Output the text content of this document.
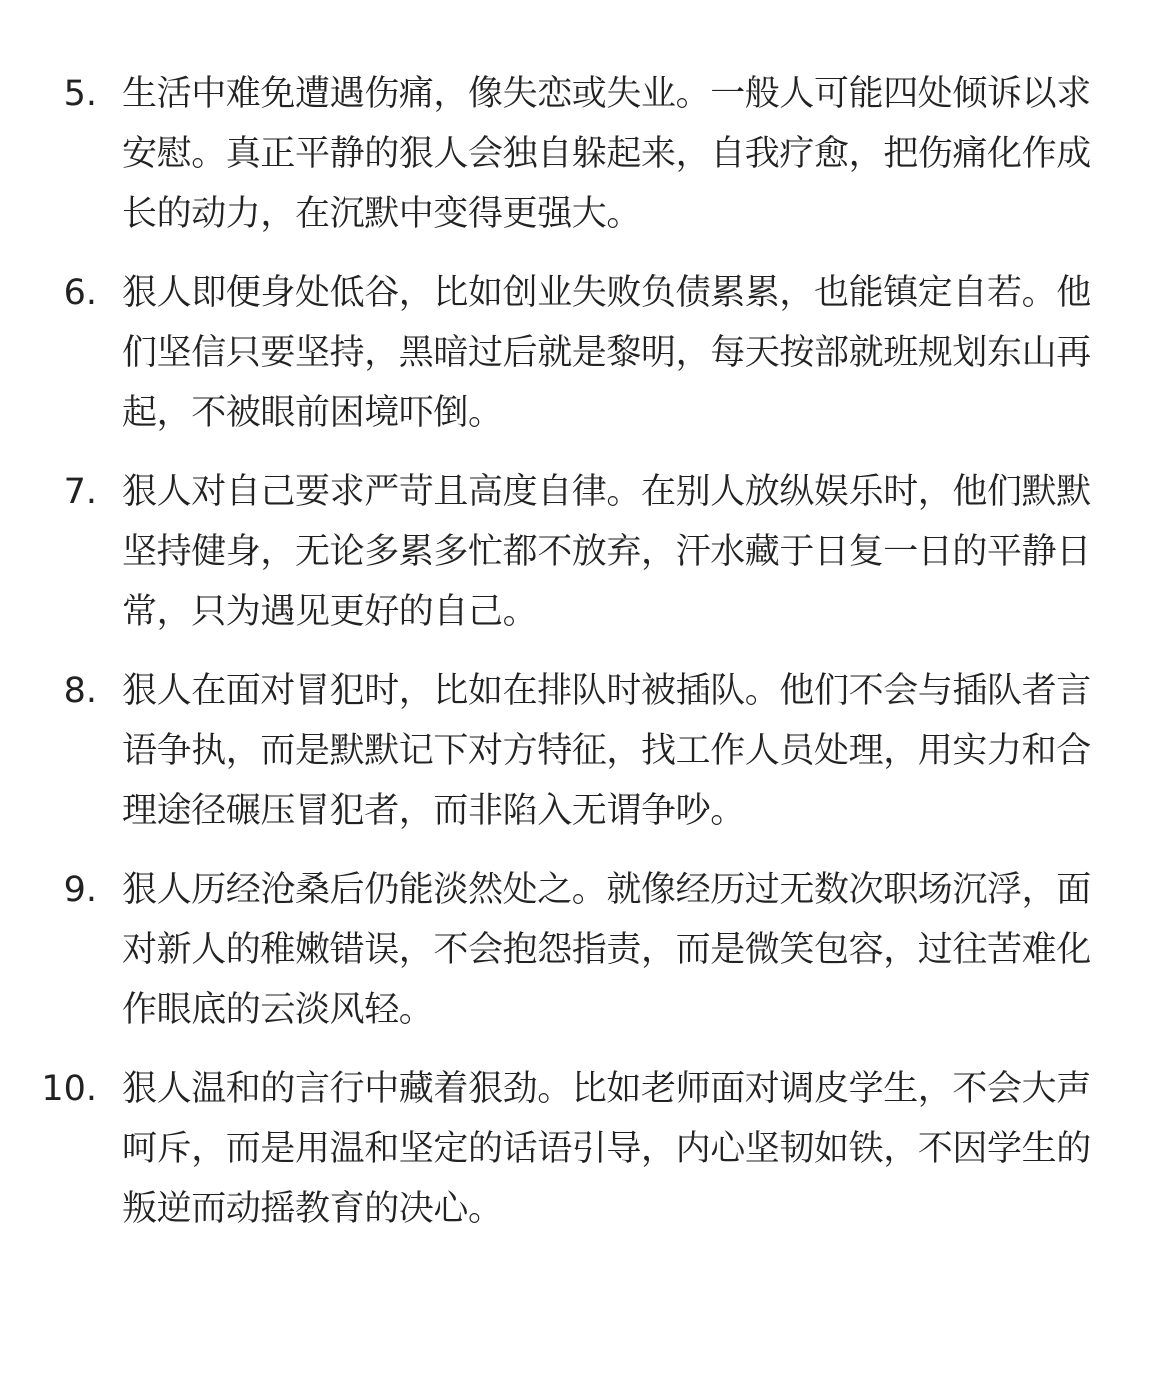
5. 生活中难免遭遇伤痛，像失恋或失业。一般人可能四处倾诉以求安慰。真正平静的狠人会独自躲起来，自我疗愈，把伤痛化作成长的动力，在沉默中变得更强大。
6. 狠人即便身处低谷，比如创业失败负债累累，也能镇定自若。他们坚信只要坚持，黑暗过后就是黎明，每天按部就班规划东山再起，不被眼前困境吓倒。
7. 狠人对自己要求严苛且高度自律。在别人放纵娱乐时，他们默默坚持健身，无论多累多忙都不放弃，汗水藏于日复一日的平静日常，只为遇见更好的自己。
8. 狠人在面对冒犯时，比如在排队时被插队。他们不会与插队者言语争执，而是默默记下对方特征，找工作人员处理，用实力和合理途径碾压冒犯者，而非陷入无谓争吵。
9. 狠人历经沧桑后仍能淡然处之。就像经历过无数次职场沉浮，面对新人的稚嫩错误，不会抱怨指责，而是微笑包容，过往苦难化作眼底的云淡风轻。
10. 狠人温和的言行中藏着狠劲。比如老师面对调皮学生，不会大声呵斥，而是用温和坚定的话语引导，内心坚韧如铁，不因学生的叛逆而动摇教育的决心。
